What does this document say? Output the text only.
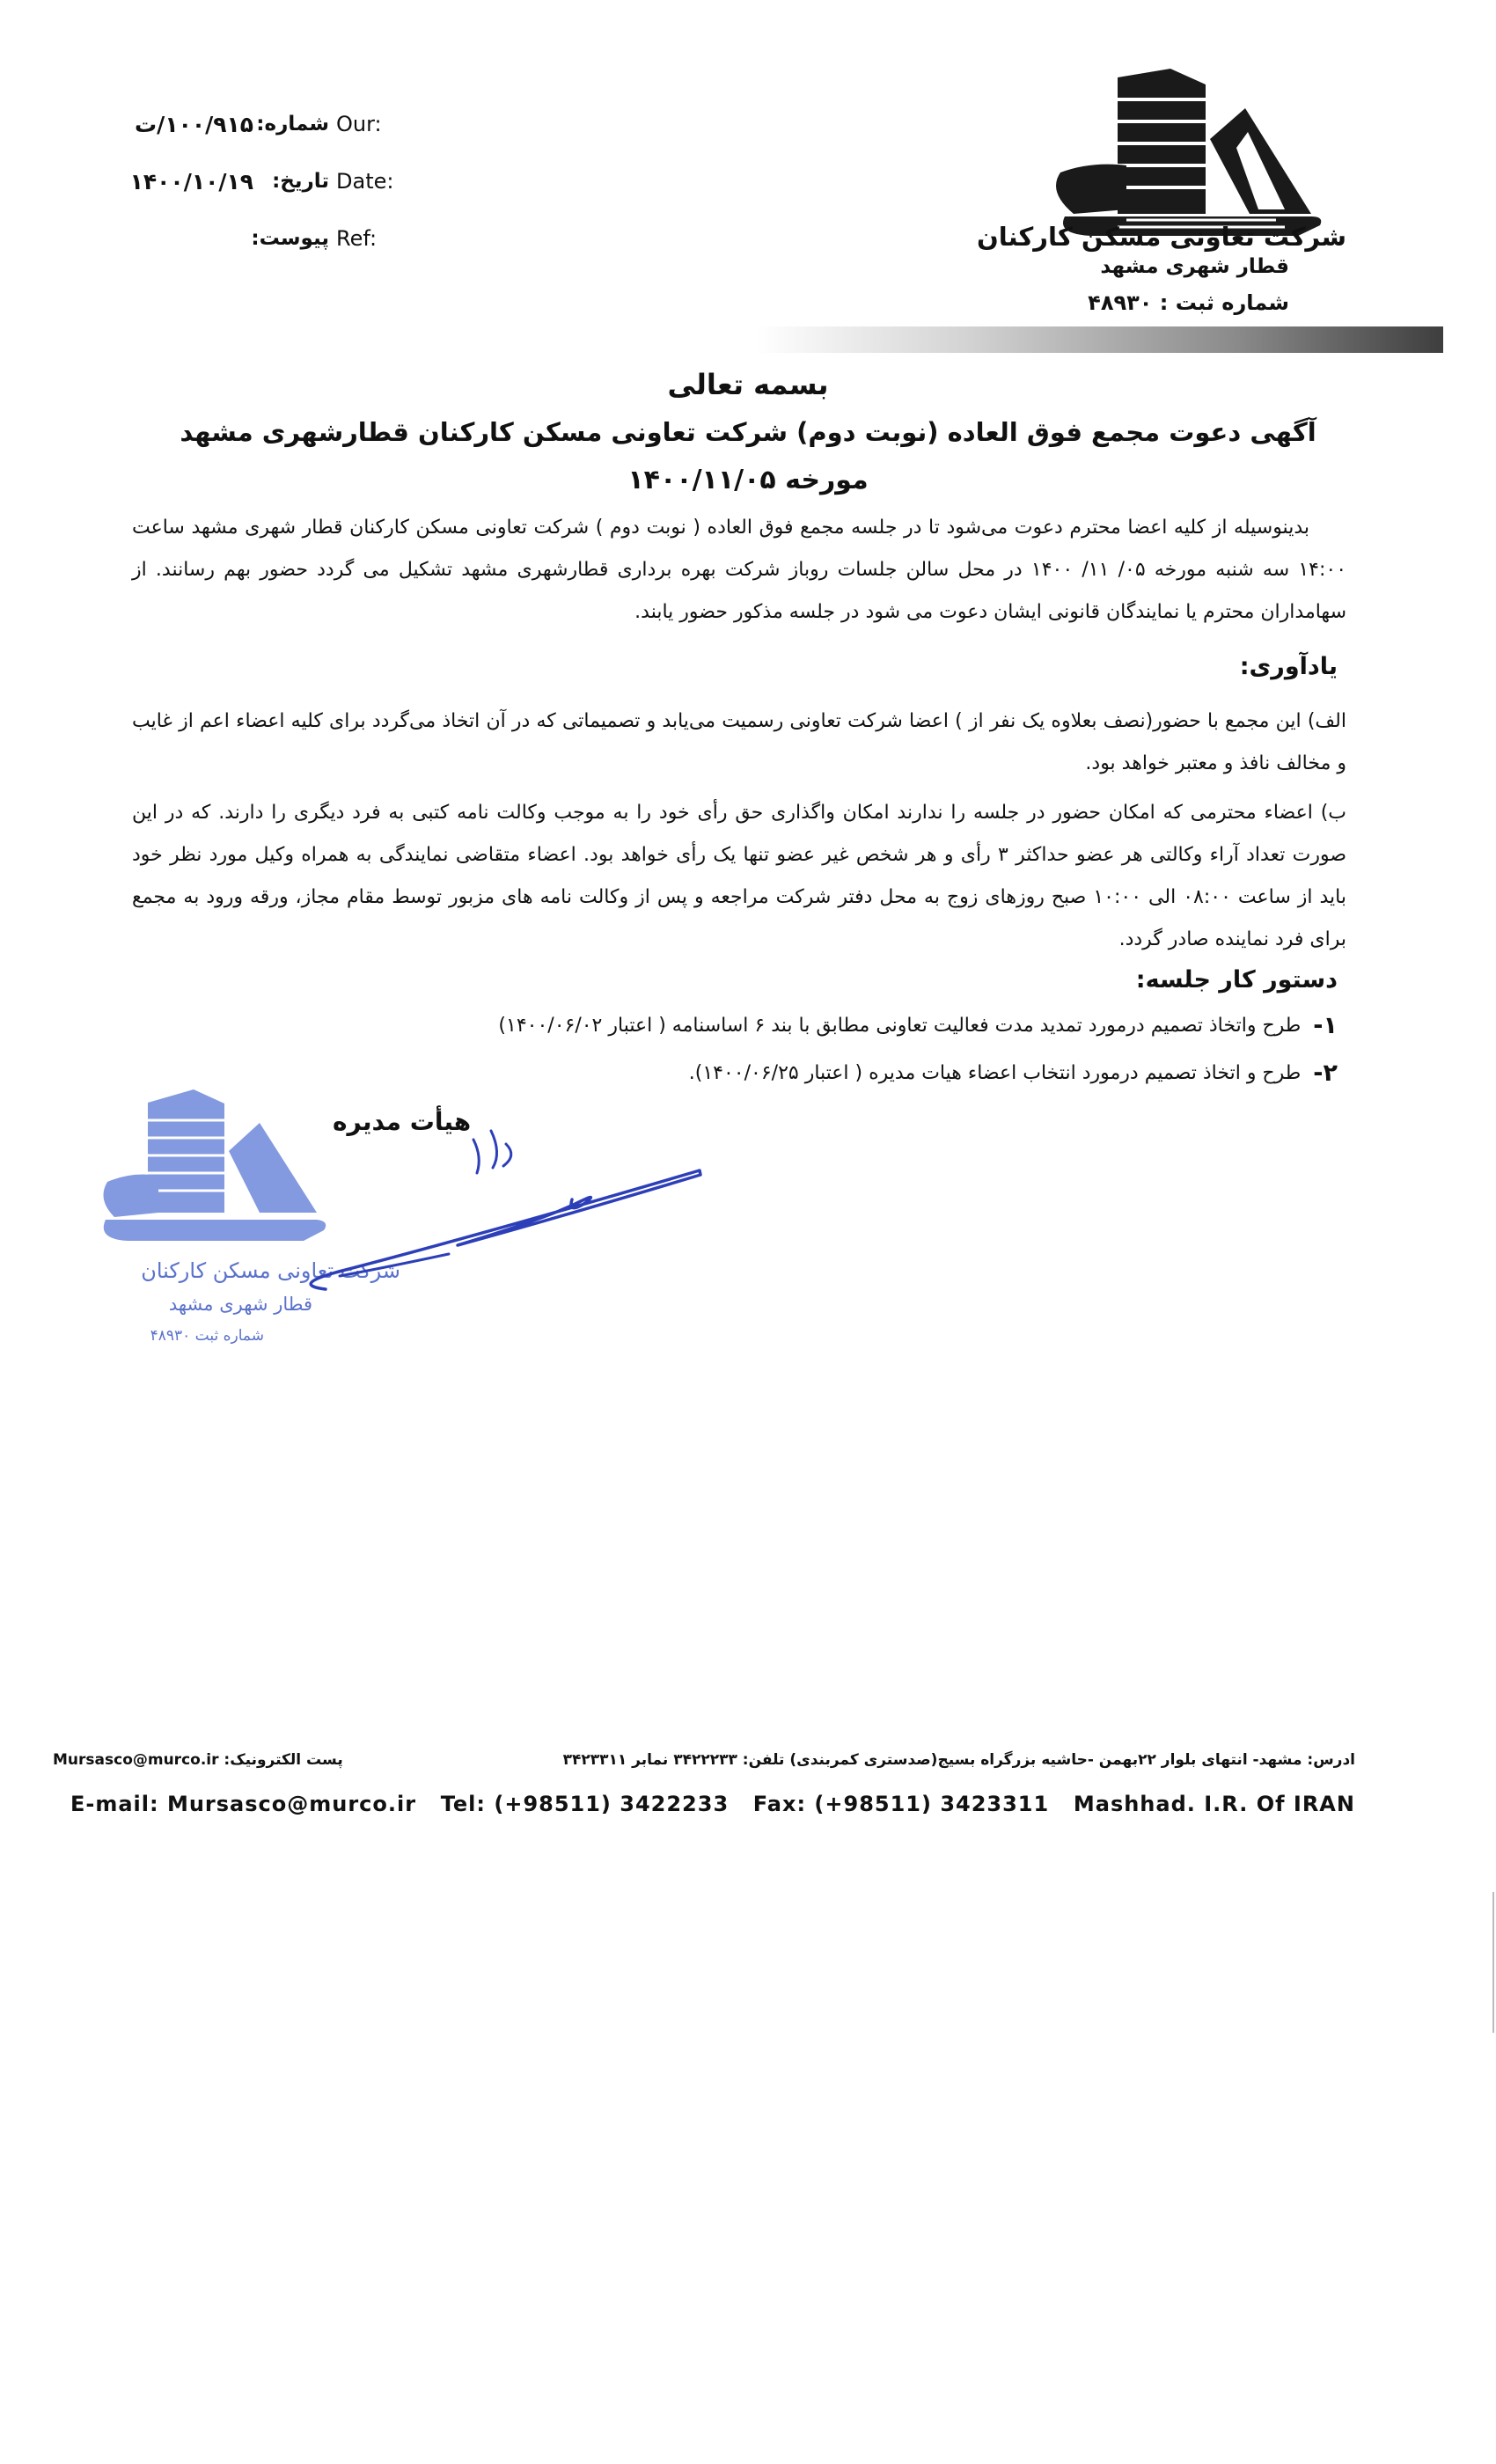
۱۰۰/۹۱۵/ت شماره: Our:
۱۴۰۰/۱۰/۱۹ تاریخ: Date:
پیوست: Ref:	شرکت تعاونی مسکن کارکنان
قطار شهری مشهد
شماره ثبت : ۴۸۹۳۰
بسمه تعالی
آگهی دعوت مجمع فوق العاده (نوبت دوم) شرکت تعاونی مسکن کارکنان قطارشهری مشهد
مورخه ۱۴۰۰/۱۱/۰۵
بدینوسیله از کلیه اعضا محترم دعوت می‌شود تا در جلسه مجمع فوق العاده ( نوبت دوم ) شرکت تعاونی مسکن کارکنان قطار شهری مشهد ساعت ۱۴:۰۰ سه شنبه مورخه ۰۵/ ۱۱/ ۱۴۰۰ در محل سالن جلسات روباز شرکت بهره برداری قطارشهری مشهد تشکیل می گردد حضور بهم رسانند. از سهامداران محترم یا نمایندگان قانونی ایشان دعوت می شود در جلسه مذکور حضور یابند.
یادآوری:
الف) این مجمع با حضور(نصف بعلاوه یک نفر از ) اعضا شرکت تعاونی رسمیت می‌یابد و تصمیماتی که در آن اتخاذ می‌گردد برای کلیه اعضاء اعم از غایب و مخالف نافذ و معتبر خواهد بود.
ب) اعضاء محترمی که امکان حضور در جلسه را ندارند امکان واگذاری حق رأی خود را به موجب وکالت نامه کتبی به فرد دیگری را دارند. که در این صورت تعداد آراء وکالتی هر عضو حداکثر ۳ رأی و هر شخص غیر عضو تنها یک رأی خواهد بود. اعضاء متقاضی نمایندگی به همراه وکیل مورد نظر خود باید از ساعت ۰۸:۰۰ الی ۱۰:۰۰ صبح روزهای زوج به محل دفتر شرکت مراجعه و پس از وکالت نامه های مزبور توسط مقام مجاز، ورقه ورود به مجمع برای فرد نماینده صادر گردد.
دستور کار جلسه:
۱-
طرح واتخاذ تصمیم درمورد تمدید مدت فعالیت تعاونی مطابق با بند ۶ اساسنامه ( اعتبار ۱۴۰۰/۰۶/۰۲)
۲-
طرح و اتخاذ تصمیم درمورد انتخاب اعضاء هیات مدیره ( اعتبار ۱۴۰۰/۰۶/۲۵).
شرکت تعاونی مسکن کارکنان
قطار شهری مشهد
شماره ثبت ۴۸۹۳۰
هیأت مدیره
Mursasco@murco.ir :پست الکترونیک	ادرس: مشهد- انتهای بلوار ۲۲بهمن -حاشیه بزرگراه بسیج(صدستری کمربندی) تلفن: ۳۴۲۲۲۳۳ نمابر ۳۴۲۳۳۱۱
E-mail: Mursasco@murco.ir Tel: (+98511) 3422233 Fax: (+98511) 3423311 Mashhad. I.R. Of IRAN
